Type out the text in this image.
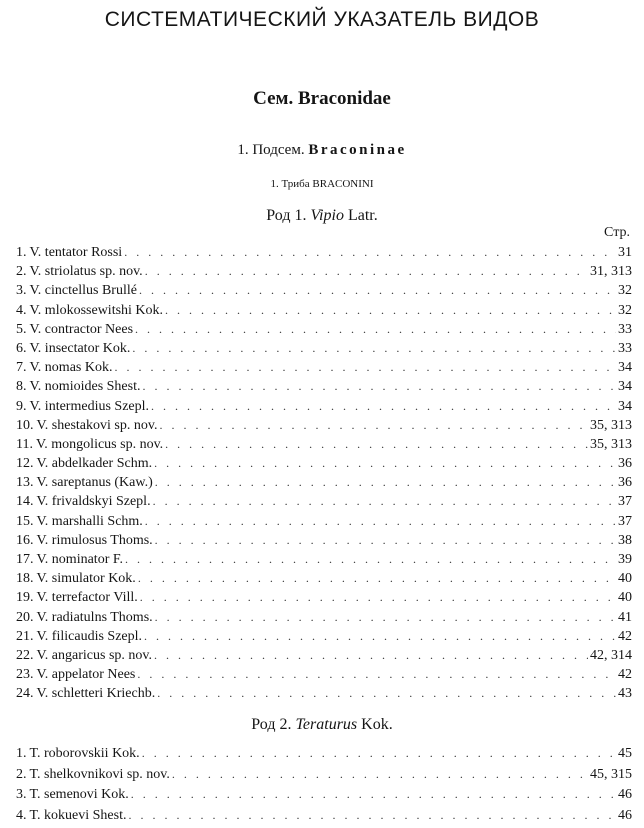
СИСТЕМАТИЧЕСКИЙ УКАЗАТЕЛЬ ВИДОВ
Сем. Braconidae
1. Подсем. Braconinae
1. Триба BRACONINI
Род 1. Vipio Latr.
Стр.
1. V. tentator Rossi . . .	31
2. V. striolatus sp. nov. . . .	31, 313
3. V. cinctellus Brullé . . .	32
4. V. mlokossewitshi Kok. . . .	32
5. V. contractor Nees . . .	33
6. V. insectator Kok. . . .	33
7. V. nomas Kok. . . .	34
8. V. nomioides Shest. . . .	34
9. V. intermedius Szepl. . . .	34
10. V. shestakovi sp. nov. . . .	35, 313
11. V. mongolicus sp. nov. . . .	35, 313
12. V. abdelkader Schm. . . .	36
13. V. sareptanus (Kaw.) . . .	36
14. V. frivaldskyi Szepl. . . .	37
15. V. marshalli Schm. . . .	37
16. V. rimulosus Thoms. . . .	38
17. V. nominator F. . . .	39
18. V. simulator Kok. . . .	40
19. V. terrefactor Vill. . . .	40
20. V. radiatulns Thoms. . . .	41
21. V. filicaudis Szepl. . . .	42
22. V. angaricus sp. nov. . . .	42, 314
23. V. appelator Nees . . .	42
24. V. schletteri Kriechb. . . .	43
Род 2. Teraturus Kok.
1. T. roborovskii Kok. . . .	45
2. T. shelkovnikovi sp. nov. . . .	45, 315
3. T. semenovi Kok. . . .	46
4. T. kokuevi Shest. . . .	46
